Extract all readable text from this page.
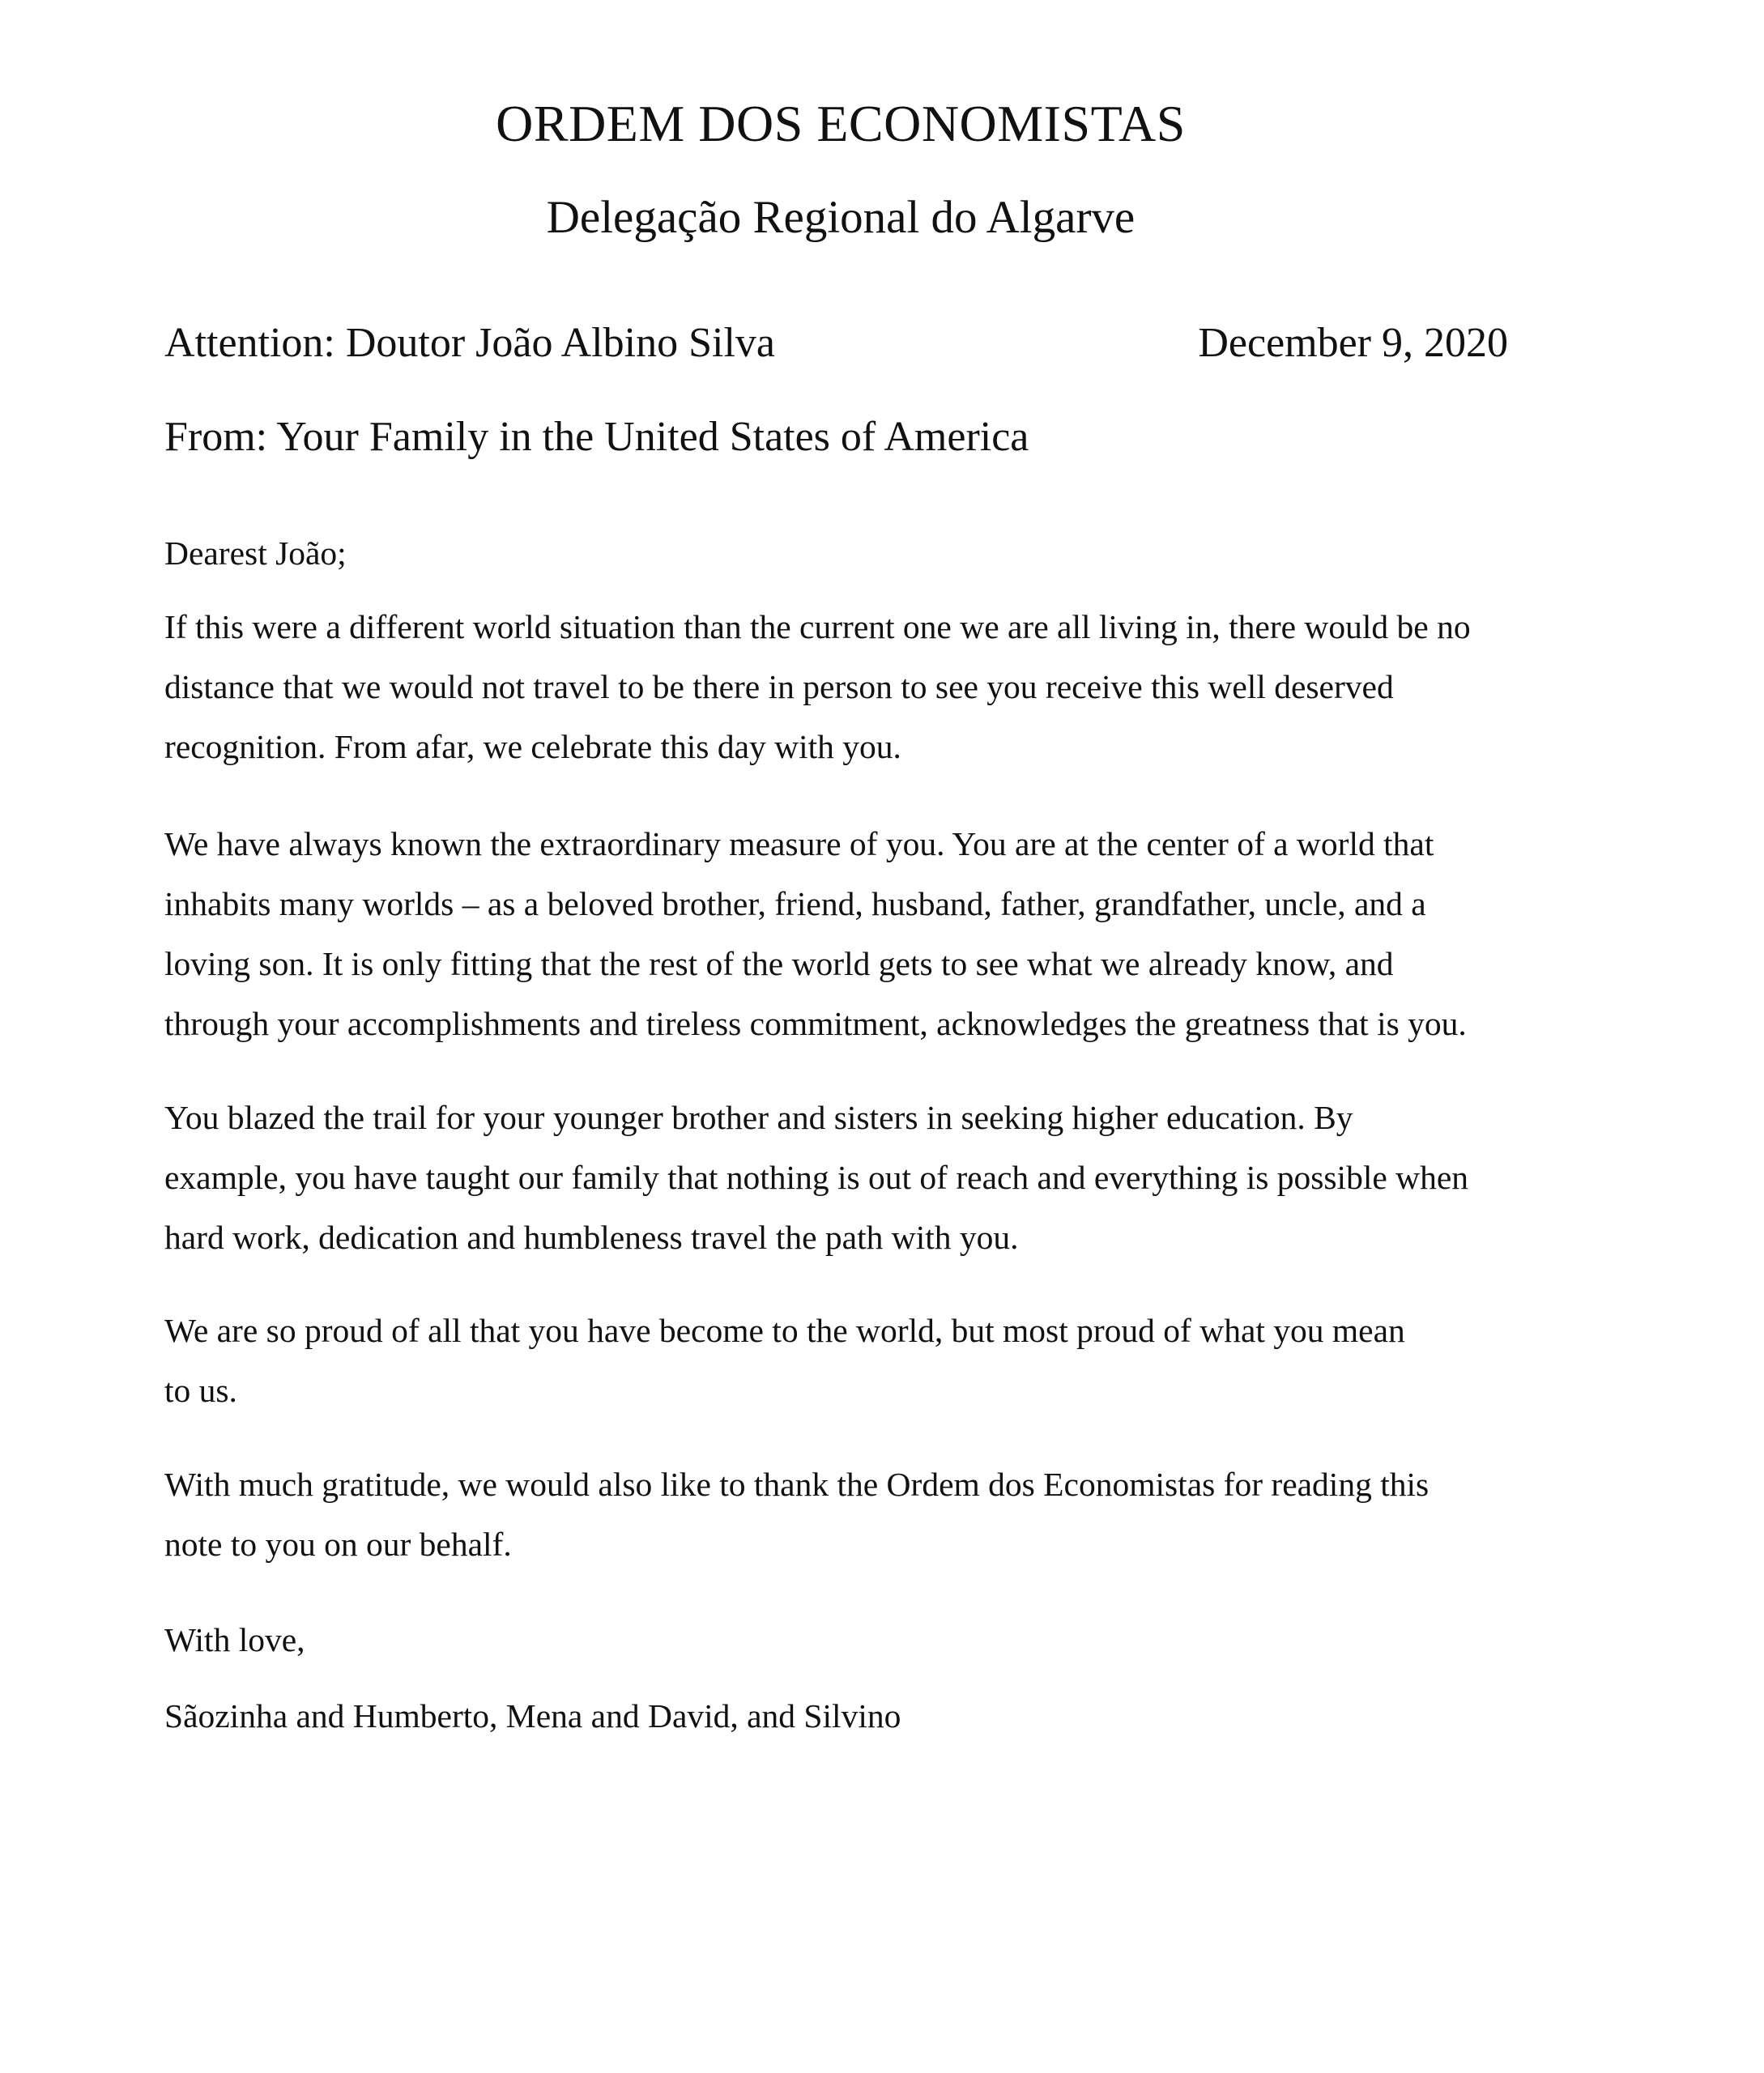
ORDEM DOS ECONOMISTAS
Delegação Regional do Algarve
Attention: Doutor João Albino Silva	December 9, 2020
From: Your Family in the United States of America
Dearest João;
If this were a different world situation than the current one we are all living in, there would be no
distance that we would not travel to be there in person to see you receive this well deserved
recognition. From afar, we celebrate this day with you.
We have always known the extraordinary measure of you. You are at the center of a world that
inhabits many worlds – as a beloved brother, friend, husband, father, grandfather, uncle, and a
loving son. It is only fitting that the rest of the world gets to see what we already know, and
through your accomplishments and tireless commitment, acknowledges the greatness that is you.
You blazed the trail for your younger brother and sisters in seeking higher education. By
example, you have taught our family that nothing is out of reach and everything is possible when
hard work, dedication and humbleness travel the path with you.
We are so proud of all that you have become to the world, but most proud of what you mean
to us.
With much gratitude, we would also like to thank the Ordem dos Economistas for reading this
note to you on our behalf.
With love,
Sãozinha and Humberto, Mena and David, and Silvino
